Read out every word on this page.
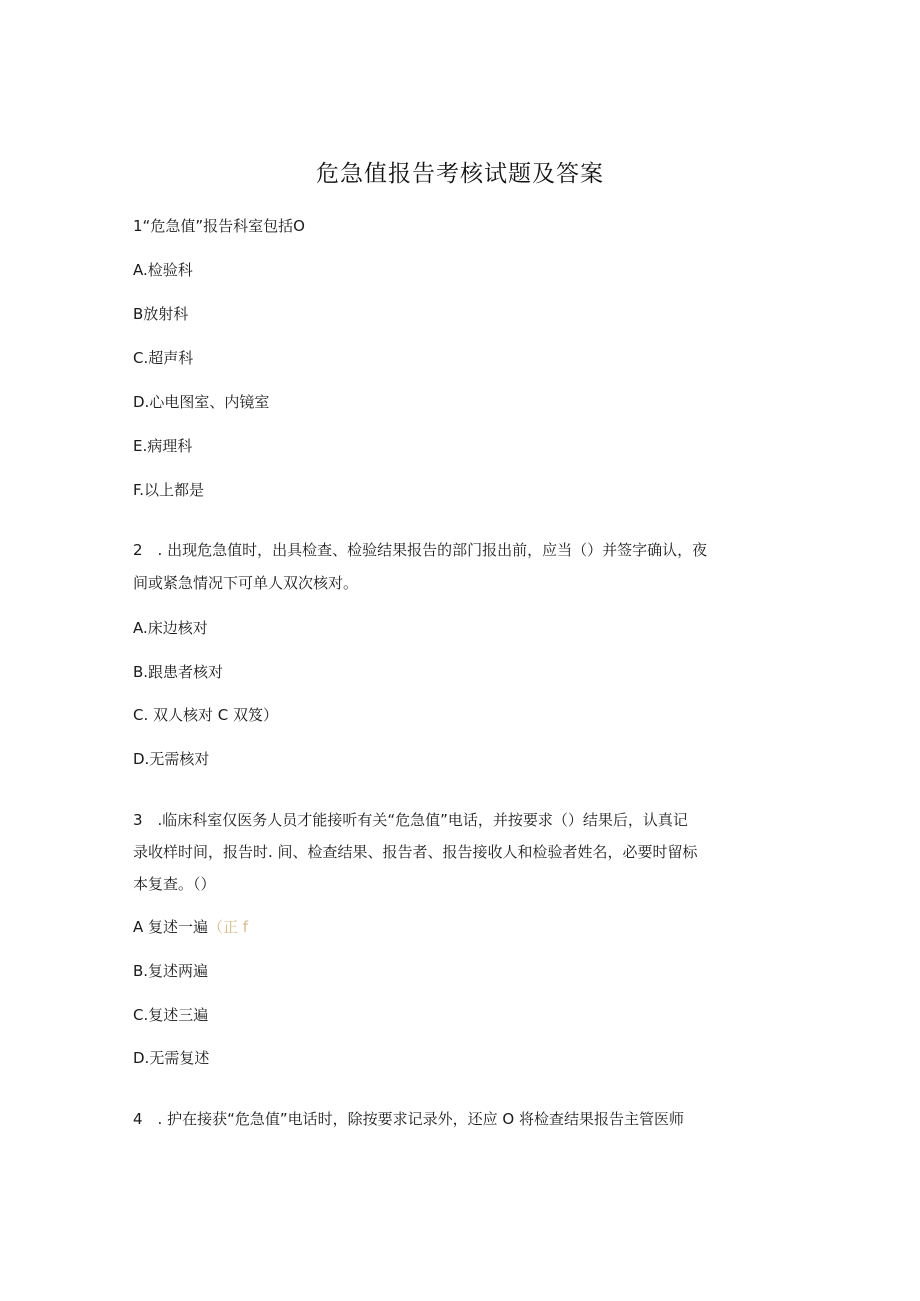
危急值报告考核试题及答案
1“危急值”报告科室包括O
A.检验科
B放射科
C.超声科
D.心电图室、内镜室
E.病理科
F.以上都是
2　. 出现危急值时，出具检查、检验结果报告的部门报出前，应当（）并签字确认，夜
间或紧急情况下可单人双次核对。
A.床边核对
B.跟患者核对
C. 双人核对 C 双笈）
D.无需核对
3　.临床科室仅医务人员才能接听有关“危急值”电话，并按要求（）结果后，认真记
录收样时间，报告时. 间、检查结果、报告者、报告接收人和检验者姓名，必要时留标
本复查。（）
A 复述一遍（正 f
B.复述两遍
C.复述三遍
D.无需复述
4　. 护在接获“危急值”电话时，除按要求记录外，还应 O 将检查结果报告主管医师
